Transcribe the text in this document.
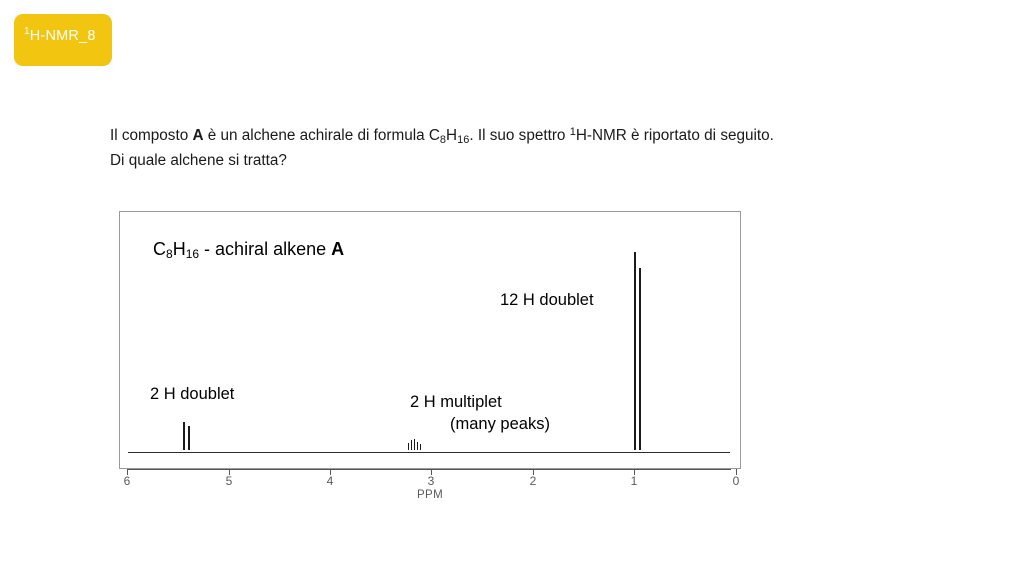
$^1$H-NMR_8
Il composto A è un alchene achirale di formula $C_8H_{16}$. Il suo spettro $^1$H-NMR è riportato di seguito.
Di quale alchene si tratta?
$C_8H_{16}$ - achiral alkene A
12 H doublet
2 H doublet	2 H multiplet
(many peaks)
6	5	4	3	2	1	0
PPM
